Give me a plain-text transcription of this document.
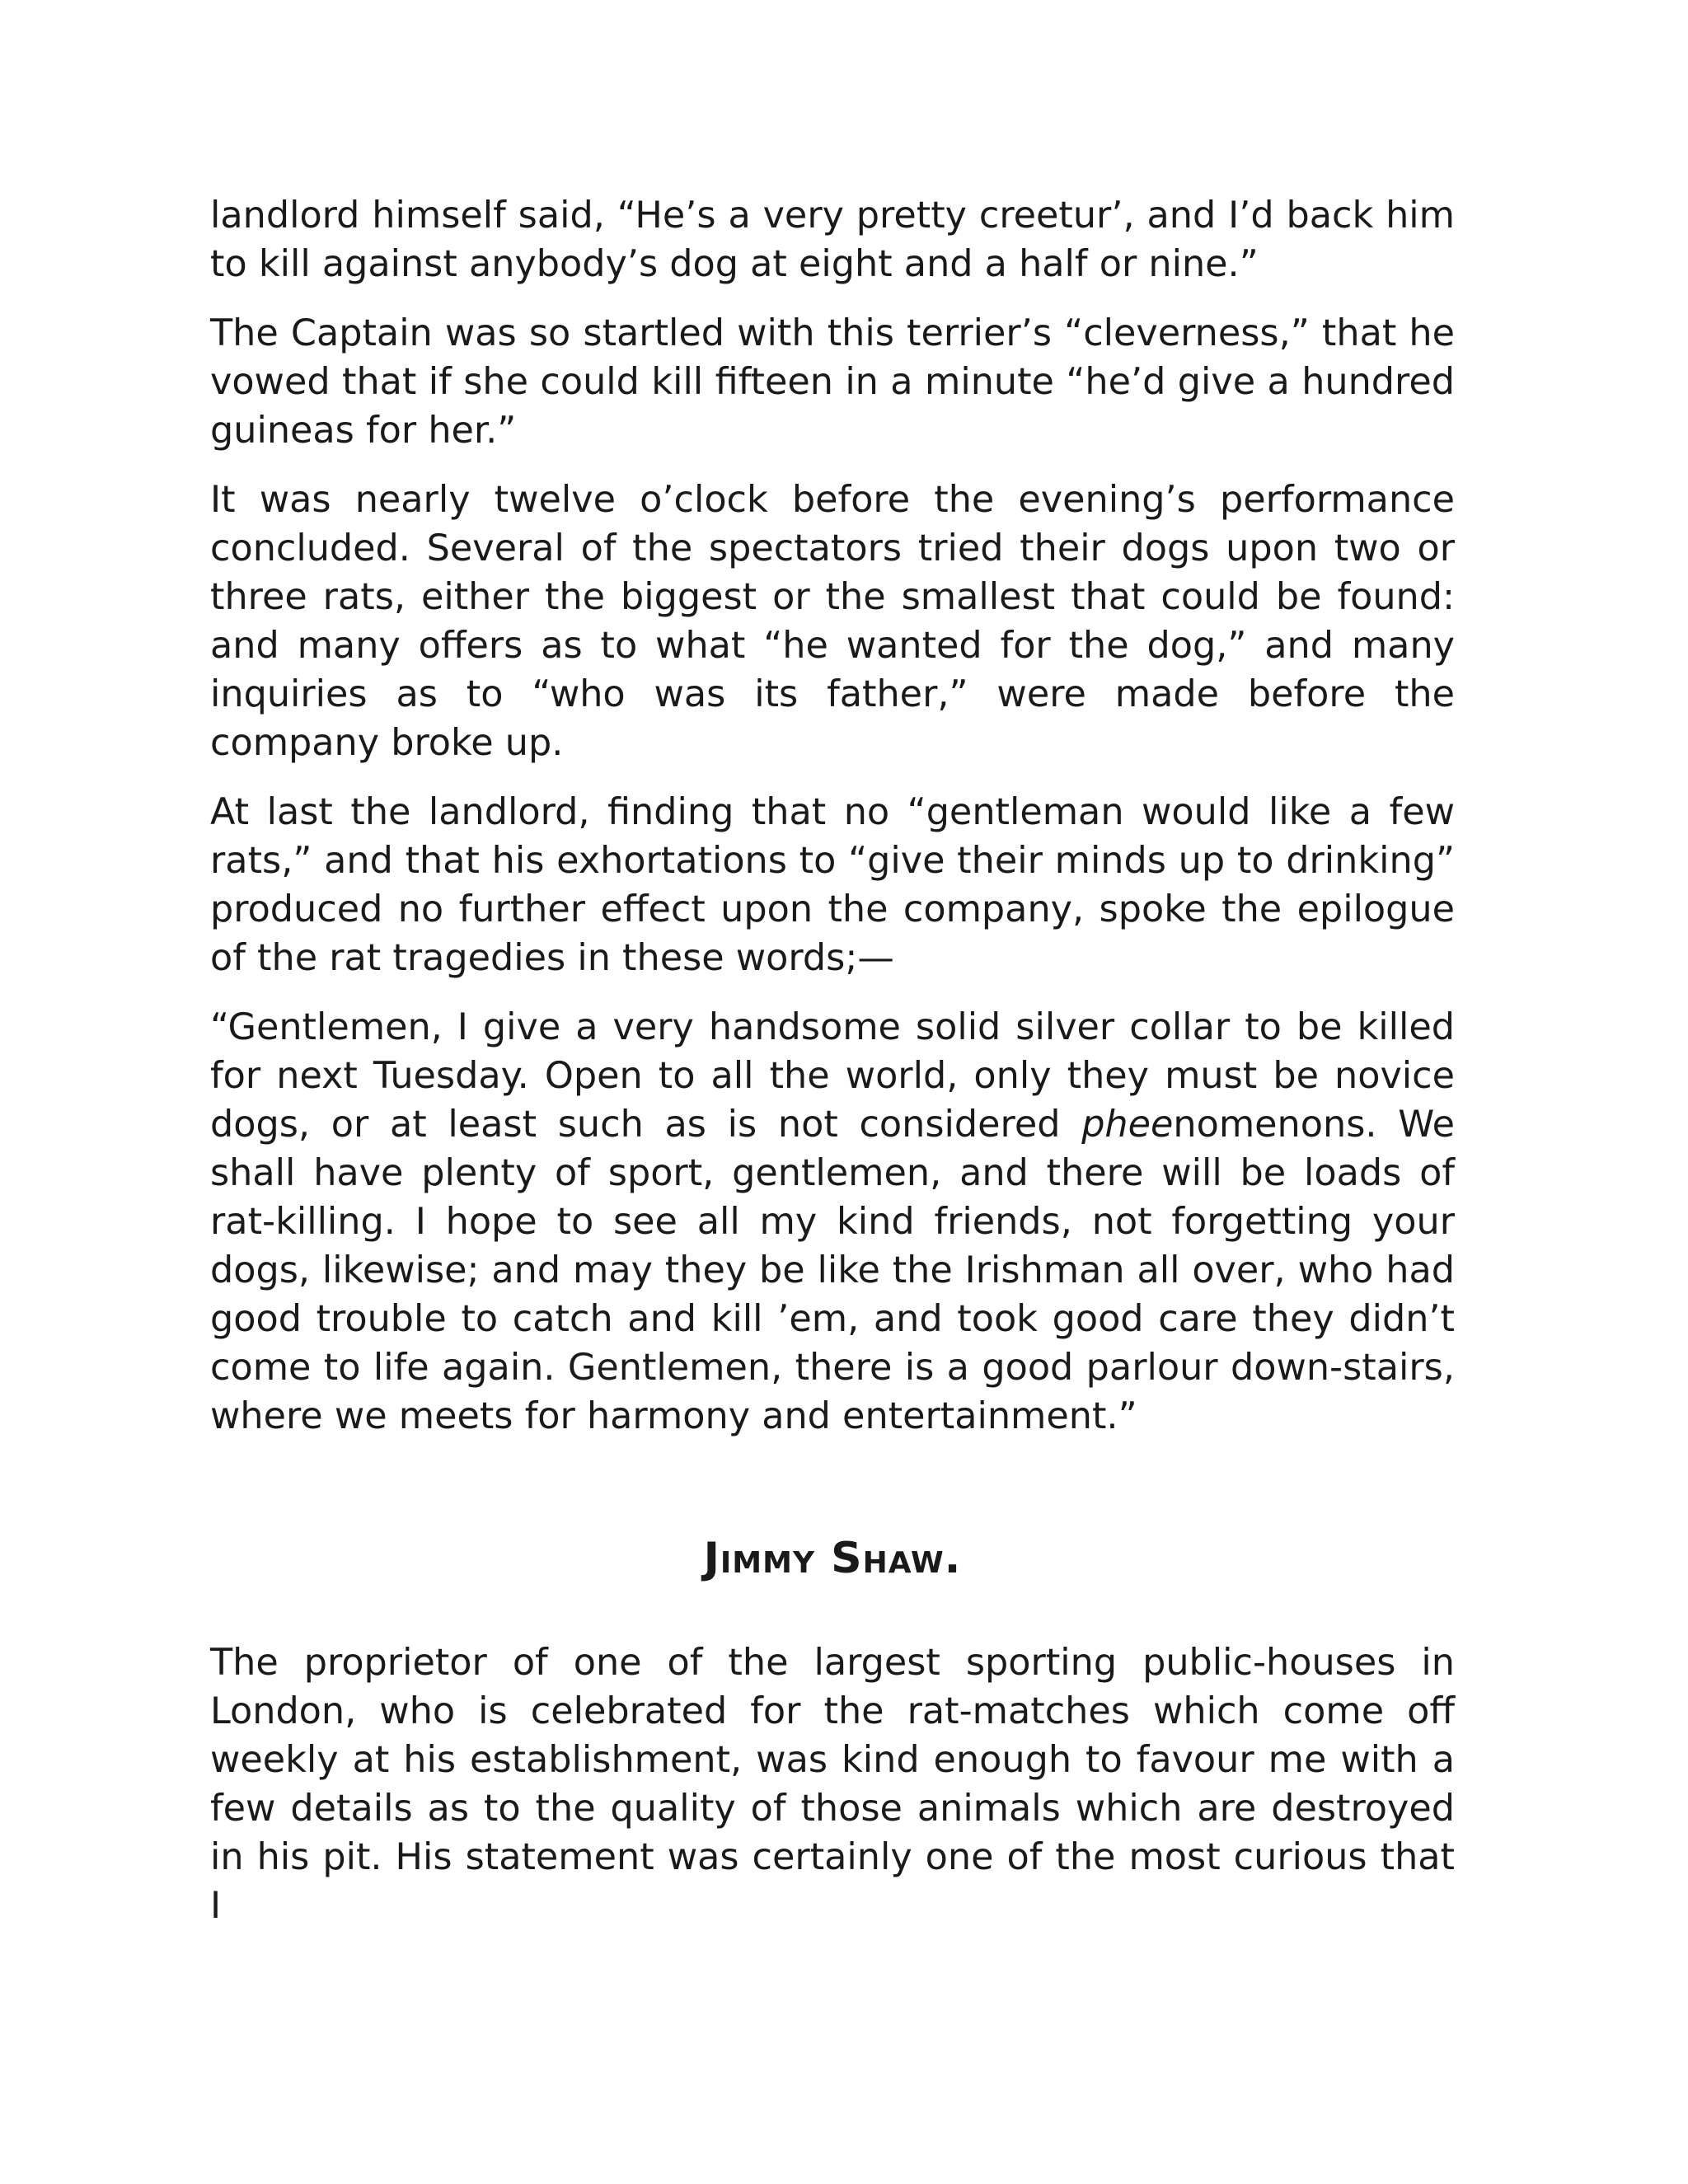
landlord himself said, “He’s a very pretty creetur’, and I’d back him to kill against anybody’s dog at eight and a half or nine.”

The Captain was so startled with this terrier’s “cleverness,” that he vowed that if she could kill fifteen in a minute “he’d give a hundred guineas for her.”

It was nearly twelve o’clock before the evening’s performance concluded. Several of the spectators tried their dogs upon two or three rats, either the biggest or the smallest that could be found: and many offers as to what “he wanted for the dog,” and many inquiries as to “who was its father,” were made before the company broke up.

At last the landlord, finding that no “gentleman would like a few rats,” and that his exhortations to “give their minds up to drinking” produced no further effect upon the company, spoke the epilogue of the rat tragedies in these words;—

“Gentlemen, I give a very handsome solid silver collar to be killed for next Tuesday. Open to all the world, only they must be novice dogs, or at least such as is not considered pheenomenons. We shall have plenty of sport, gentlemen, and there will be loads of rat-killing. I hope to see all my kind friends, not forgetting your dogs, likewise; and may they be like the Irishman all over, who had good trouble to catch and kill ’em, and took good care they didn’t come to life again. Gentlemen, there is a good parlour down-stairs, where we meets for harmony and entertainment.”

Jimmy Shaw.

The proprietor of one of the largest sporting public-houses in London, who is celebrated for the rat-matches which come off weekly at his establishment, was kind enough to favour me with a few details as to the quality of those animals which are destroyed in his pit. His statement was certainly one of the most curious that I
